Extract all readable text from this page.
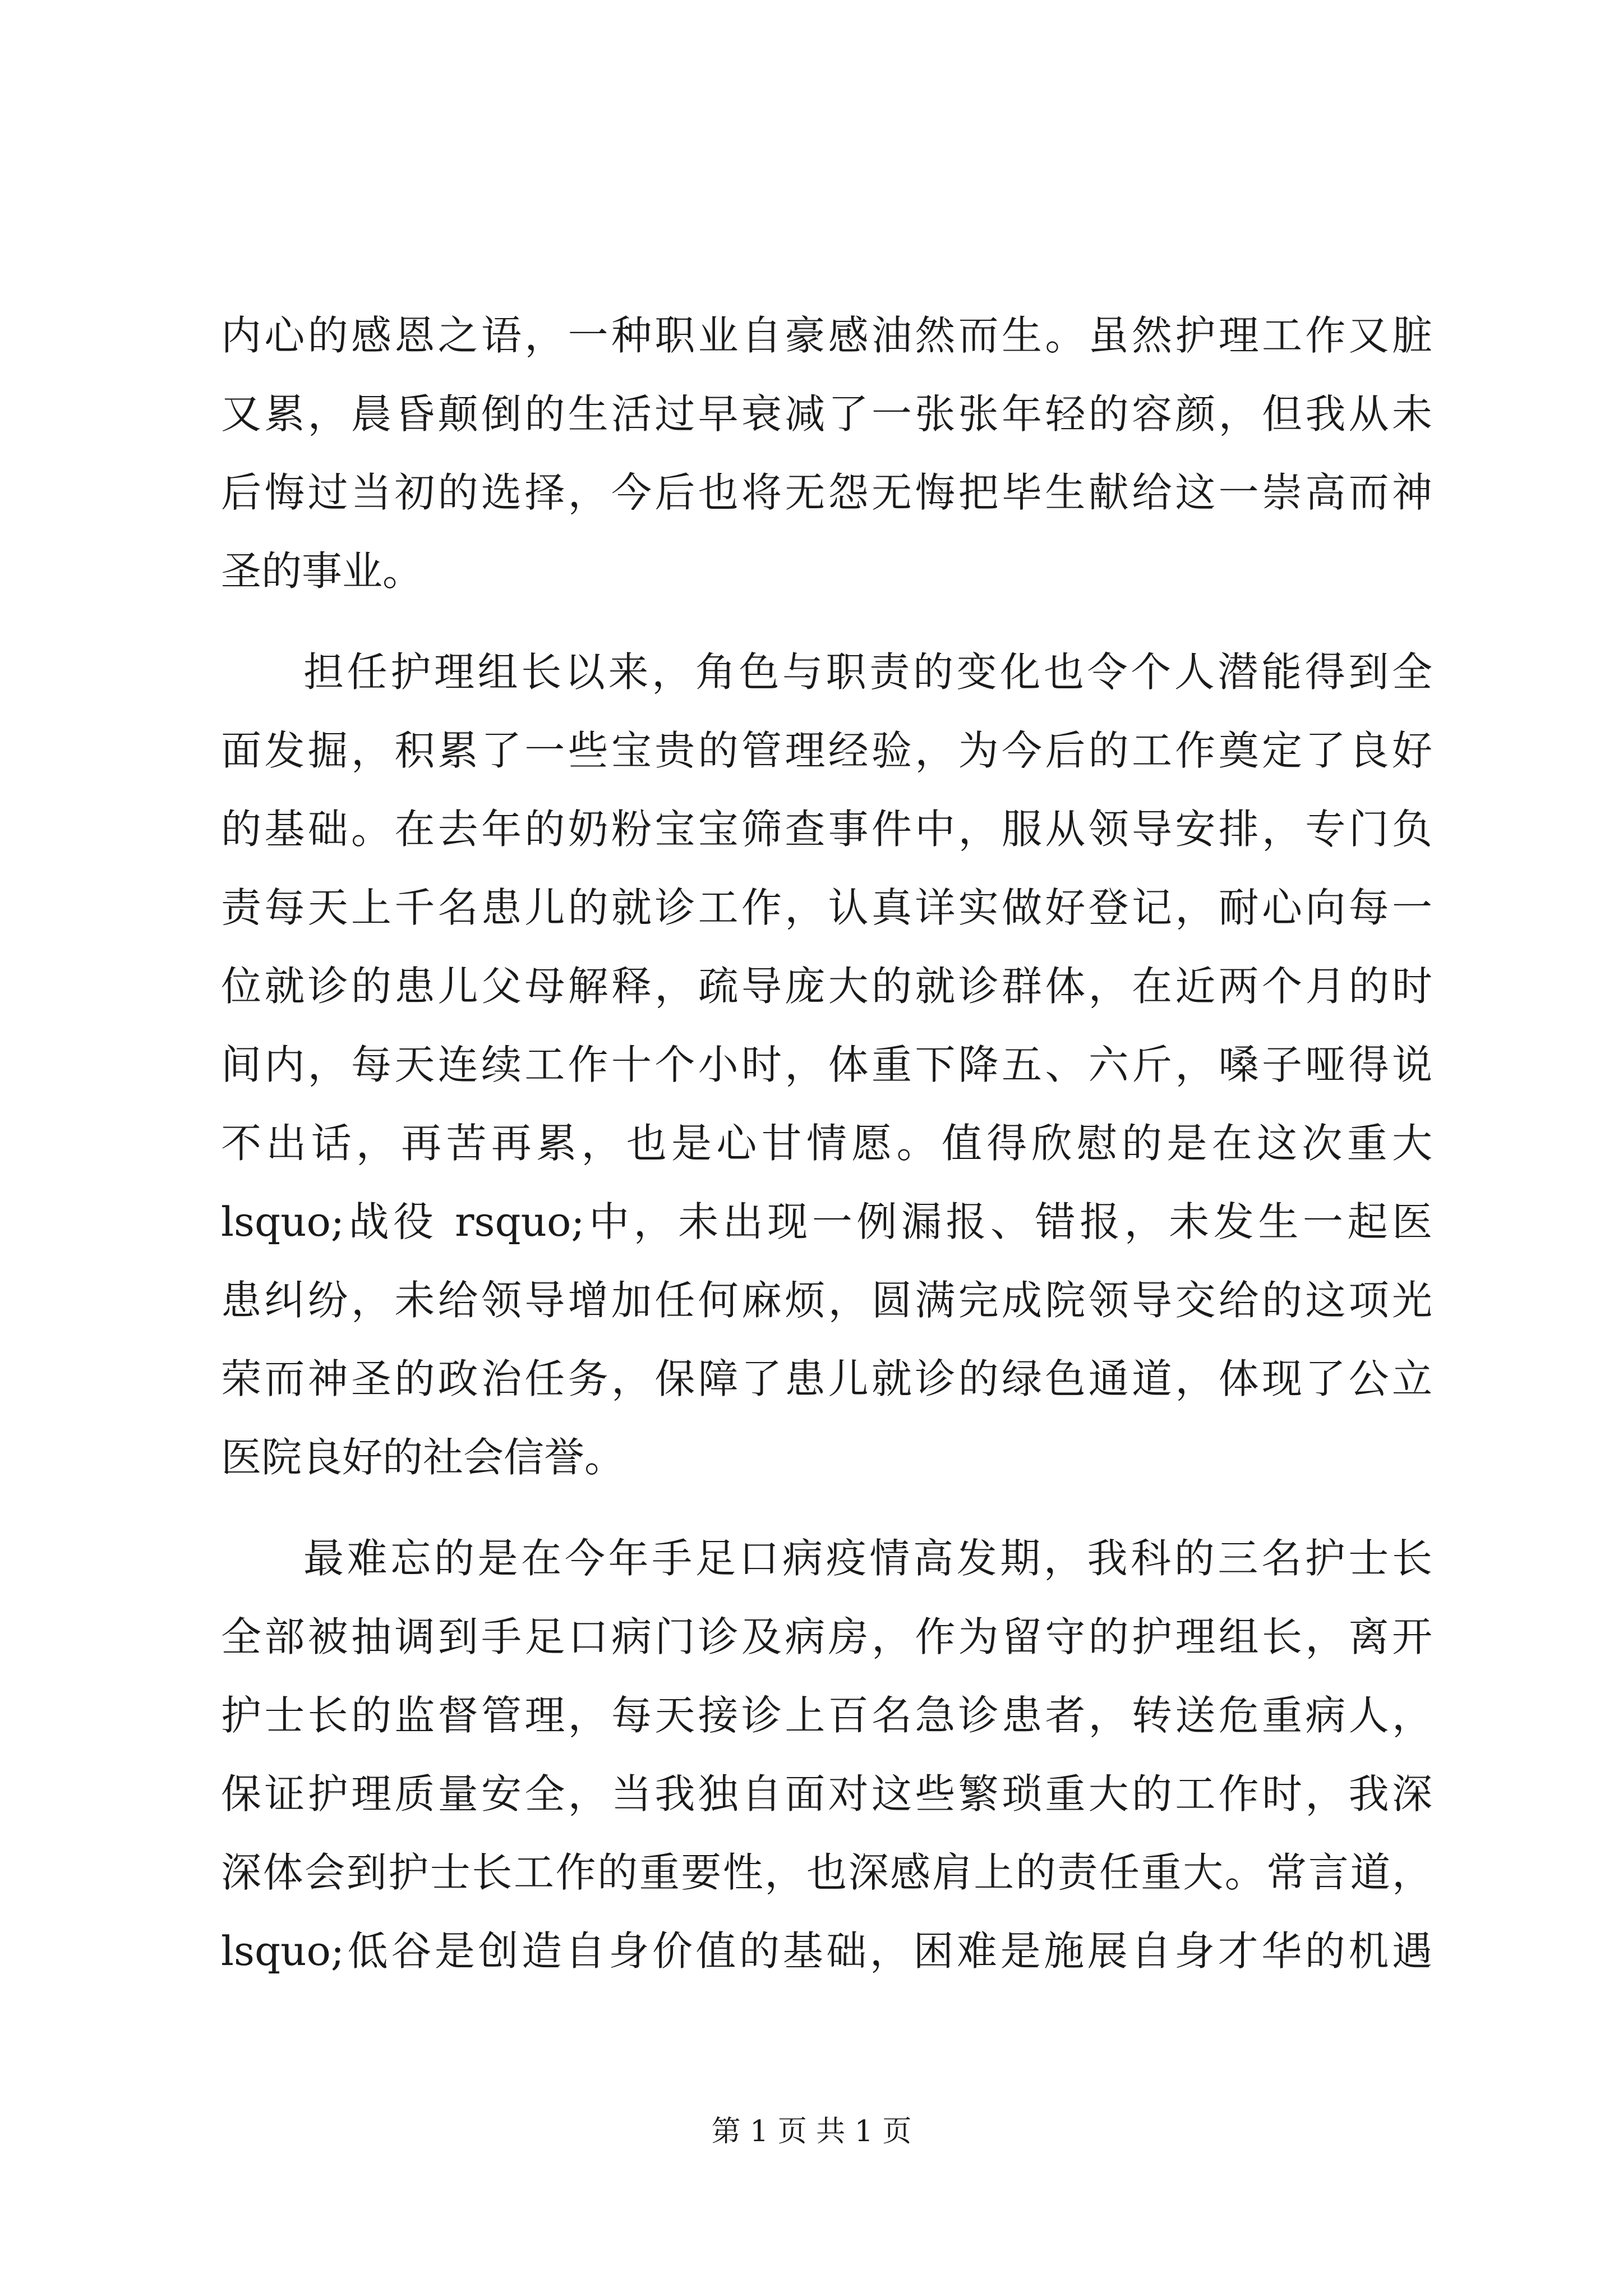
内心的感恩之语，一种职业自豪感油然而生。虽然护理工作又脏
又累，晨昏颠倒的生活过早衰减了一张张年轻的容颜，但我从未
后悔过当初的选择，今后也将无怨无悔把毕生献给这一崇高而神
圣的事业。
担任护理组长以来，角色与职责的变化也令个人潜能得到全
面发掘，积累了一些宝贵的管理经验，为今后的工作奠定了良好
的基础。在去年的奶粉宝宝筛查事件中，服从领导安排，专门负
责每天上千名患儿的就诊工作，认真详实做好登记，耐心向每一
位就诊的患儿父母解释，疏导庞大的就诊群体，在近两个月的时
间内，每天连续工作十个小时，体重下降五、六斤，嗓子哑得说
不出话，再苦再累，也是心甘情愿。值得欣慰的是在这次重大
lsquo;战役 rsquo;中，未出现一例漏报、错报，未发生一起医
患纠纷，未给领导增加任何麻烦，圆满完成院领导交给的这项光
荣而神圣的政治任务，保障了患儿就诊的绿色通道，体现了公立
医院良好的社会信誉。
最难忘的是在今年手足口病疫情高发期，我科的三名护士长
全部被抽调到手足口病门诊及病房，作为留守的护理组长，离开
护士长的监督管理，每天接诊上百名急诊患者，转送危重病人，
保证护理质量安全，当我独自面对这些繁琐重大的工作时，我深
深体会到护士长工作的重要性，也深感肩上的责任重大。常言道，
lsquo;低谷是创造自身价值的基础，困难是施展自身才华的机遇
第 1 页 共 1 页
